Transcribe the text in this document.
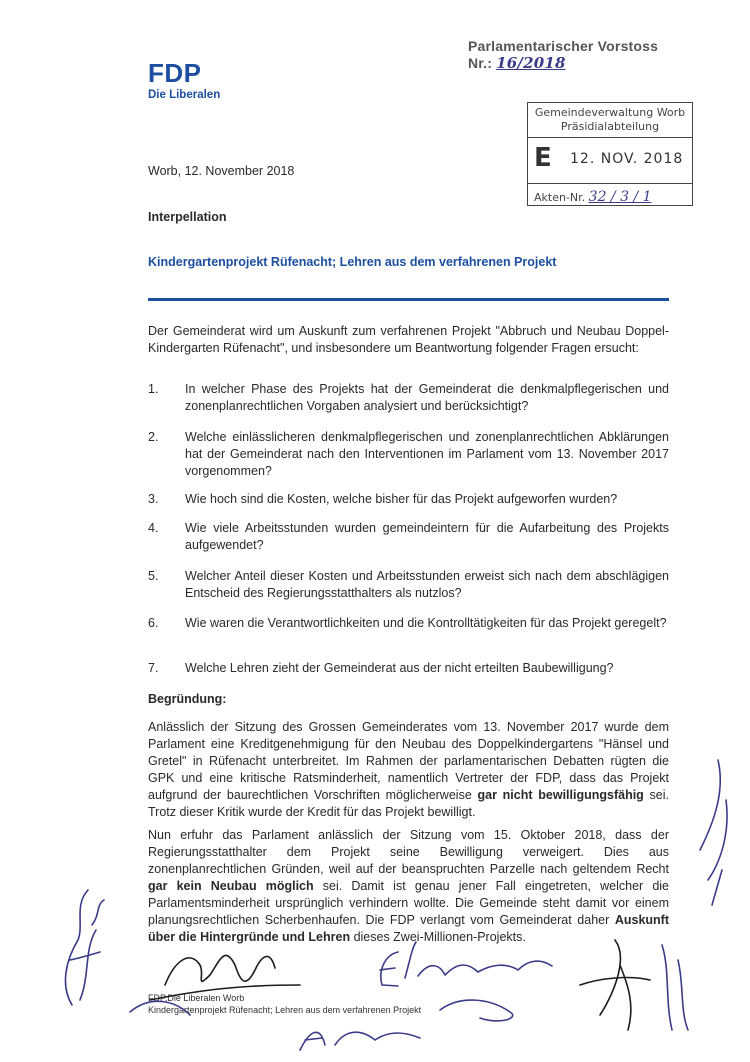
Parlamentarischer Vorstoss Nr.: 16/2018
FDP
Die Liberalen
Gemeindeverwaltung Worb
Präsidialabteilung
E 12. NOV. 2018
Akten-Nr. 32 / 3 / 1
Worb, 12. November 2018
Interpellation
Kindergartenprojekt Rüfenacht; Lehren aus dem verfahrenen Projekt
Der Gemeinderat wird um Auskunft zum verfahrenen Projekt "Abbruch und Neubau Doppel-Kindergarten Rüfenacht", und insbesondere um Beantwortung folgender Fragen ersucht:
1.	In welcher Phase des Projekts hat der Gemeinderat die denkmalpflegerischen und zonenplanrechtlichen Vorgaben analysiert und berücksichtigt?
2.	Welche einlässlicheren denkmalpflegerischen und zonenplanrechtlichen Abklärungen hat der Gemeinderat nach den Interventionen im Parlament vom 13. November 2017 vorgenommen?
3.	Wie hoch sind die Kosten, welche bisher für das Projekt aufgeworfen wurden?
4.	Wie viele Arbeitsstunden wurden gemeindeintern für die Aufarbeitung des Projekts aufgewendet?
5.	Welcher Anteil dieser Kosten und Arbeitsstunden erweist sich nach dem abschlägigen Entscheid des Regierungsstatthalters als nutzlos?
6.	Wie waren die Verantwortlichkeiten und die Kontrolltätigkeiten für das Projekt geregelt?
7.	Welche Lehren zieht der Gemeinderat aus der nicht erteilten Baubewilligung?
Begründung:
Anlässlich der Sitzung des Grossen Gemeinderates vom 13. November 2017 wurde dem Parlament eine Kreditgenehmigung für den Neubau des Doppelkindergartens "Hänsel und Gretel" in Rüfenacht unterbreitet. Im Rahmen der parlamentarischen Debatten rügten die GPK und eine kritische Ratsminderheit, namentlich Vertreter der FDP, dass das Projekt aufgrund der baurechtlichen Vorschriften möglicherweise gar nicht bewilligungsfähig sei. Trotz dieser Kritik wurde der Kredit für das Projekt bewilligt.
Nun erfuhr das Parlament anlässlich der Sitzung vom 15. Oktober 2018, dass der Regierungsstatthalter dem Projekt seine Bewilligung verweigert. Dies aus zonenplanrechtlichen Gründen, weil auf der beanspruchten Parzelle nach geltendem Recht gar kein Neubau möglich sei. Damit ist genau jener Fall eingetreten, welcher die Parlamentsminderheit ursprünglich verhindern wollte. Die Gemeinde steht damit vor einem planungsrechtlichen Scherbenhaufen. Die FDP verlangt vom Gemeinderat daher Auskunft über die Hintergründe und Lehren dieses Zwei-Millionen-Projekts.
FDP.Die Liberalen Worb
Kindergartenprojekt Rüfenacht; Lehren aus dem verfahrenen Projekt
